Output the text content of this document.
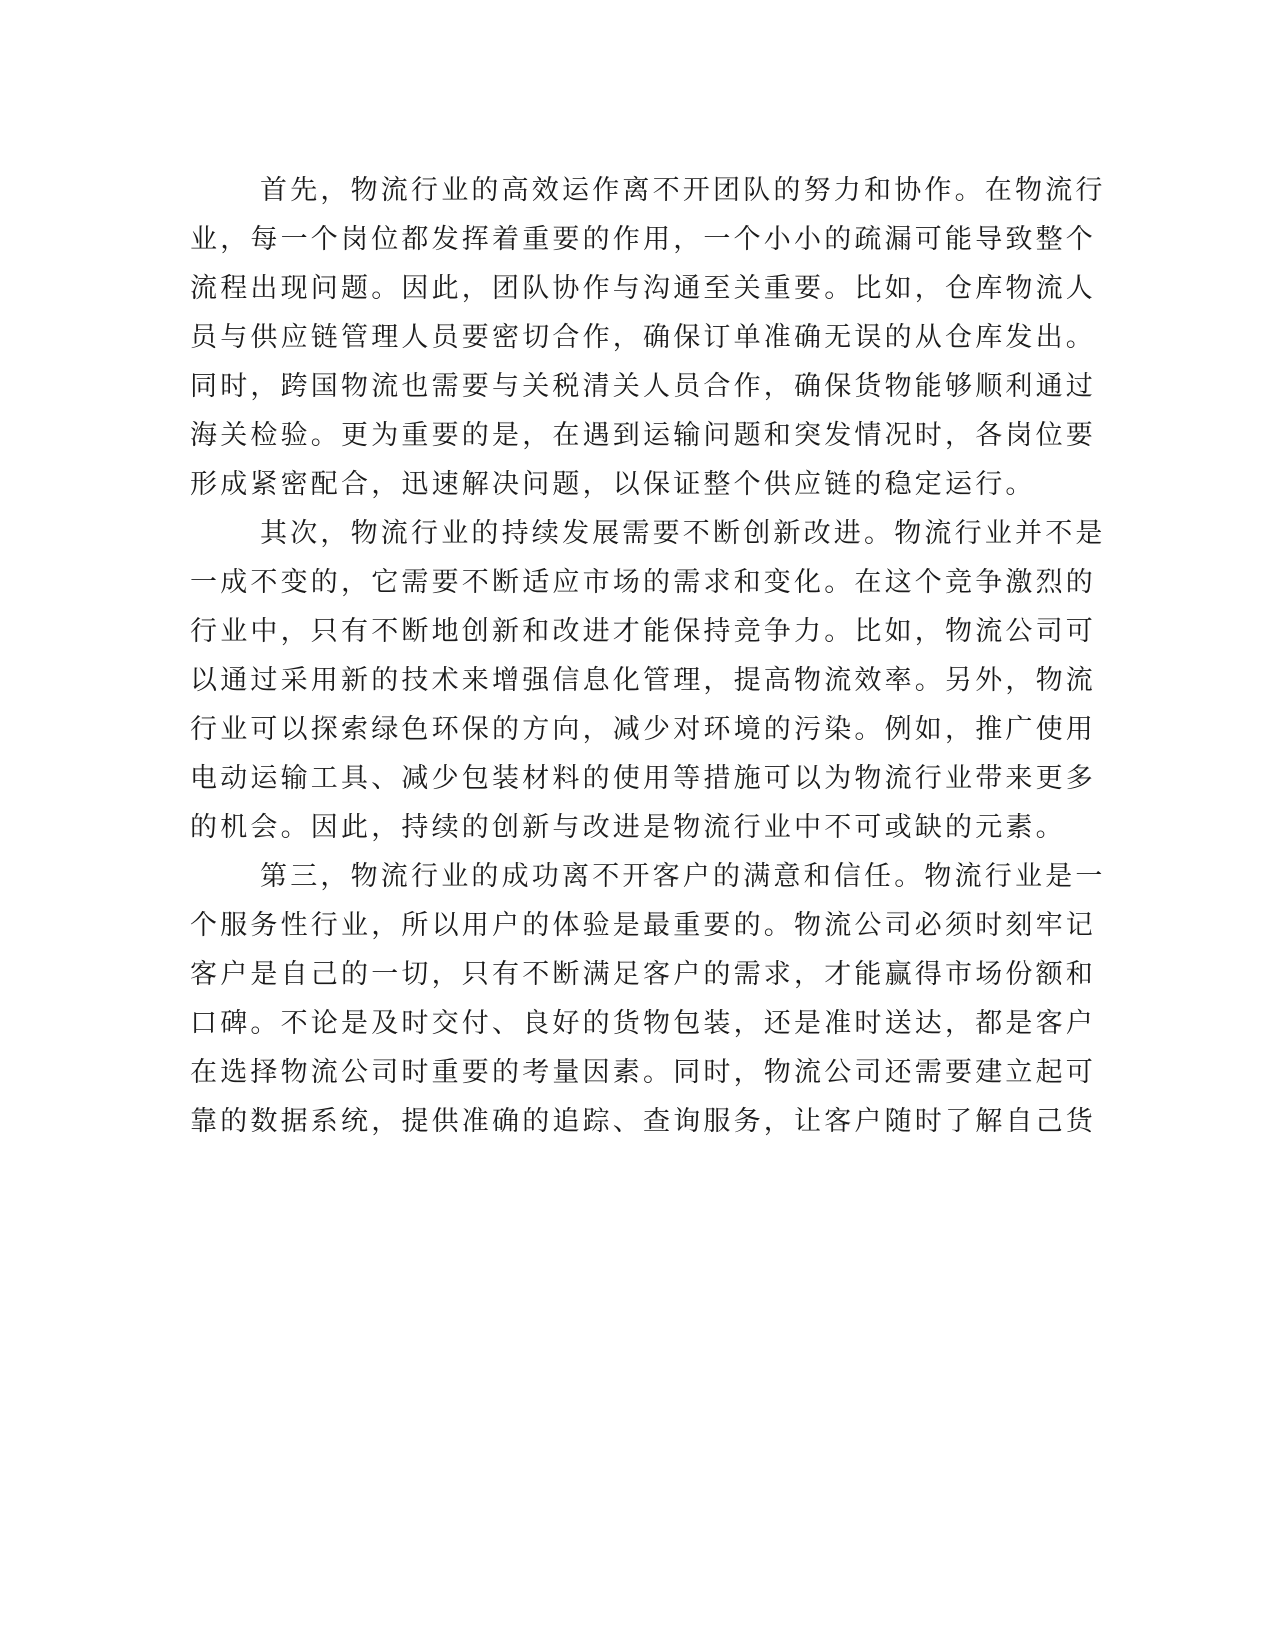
首先，物流行业的高效运作离不开团队的努力和协作。在物流行
业，每一个岗位都发挥着重要的作用，一个小小的疏漏可能导致整个
流程出现问题。因此，团队协作与沟通至关重要。比如，仓库物流人
员与供应链管理人员要密切合作，确保订单准确无误的从仓库发出。
同时，跨国物流也需要与关税清关人员合作，确保货物能够顺利通过
海关检验。更为重要的是，在遇到运输问题和突发情况时，各岗位要
形成紧密配合，迅速解决问题，以保证整个供应链的稳定运行。

其次，物流行业的持续发展需要不断创新改进。物流行业并不是
一成不变的，它需要不断适应市场的需求和变化。在这个竞争激烈的
行业中，只有不断地创新和改进才能保持竞争力。比如，物流公司可
以通过采用新的技术来增强信息化管理，提高物流效率。另外，物流
行业可以探索绿色环保的方向，减少对环境的污染。例如，推广使用
电动运输工具、减少包装材料的使用等措施可以为物流行业带来更多
的机会。因此，持续的创新与改进是物流行业中不可或缺的元素。

第三，物流行业的成功离不开客户的满意和信任。物流行业是一
个服务性行业，所以用户的体验是最重要的。物流公司必须时刻牢记
客户是自己的一切，只有不断满足客户的需求，才能赢得市场份额和
口碑。不论是及时交付、良好的货物包装，还是准时送达，都是客户
在选择物流公司时重要的考量因素。同时，物流公司还需要建立起可
靠的数据系统，提供准确的追踪、查询服务，让客户随时了解自己货
